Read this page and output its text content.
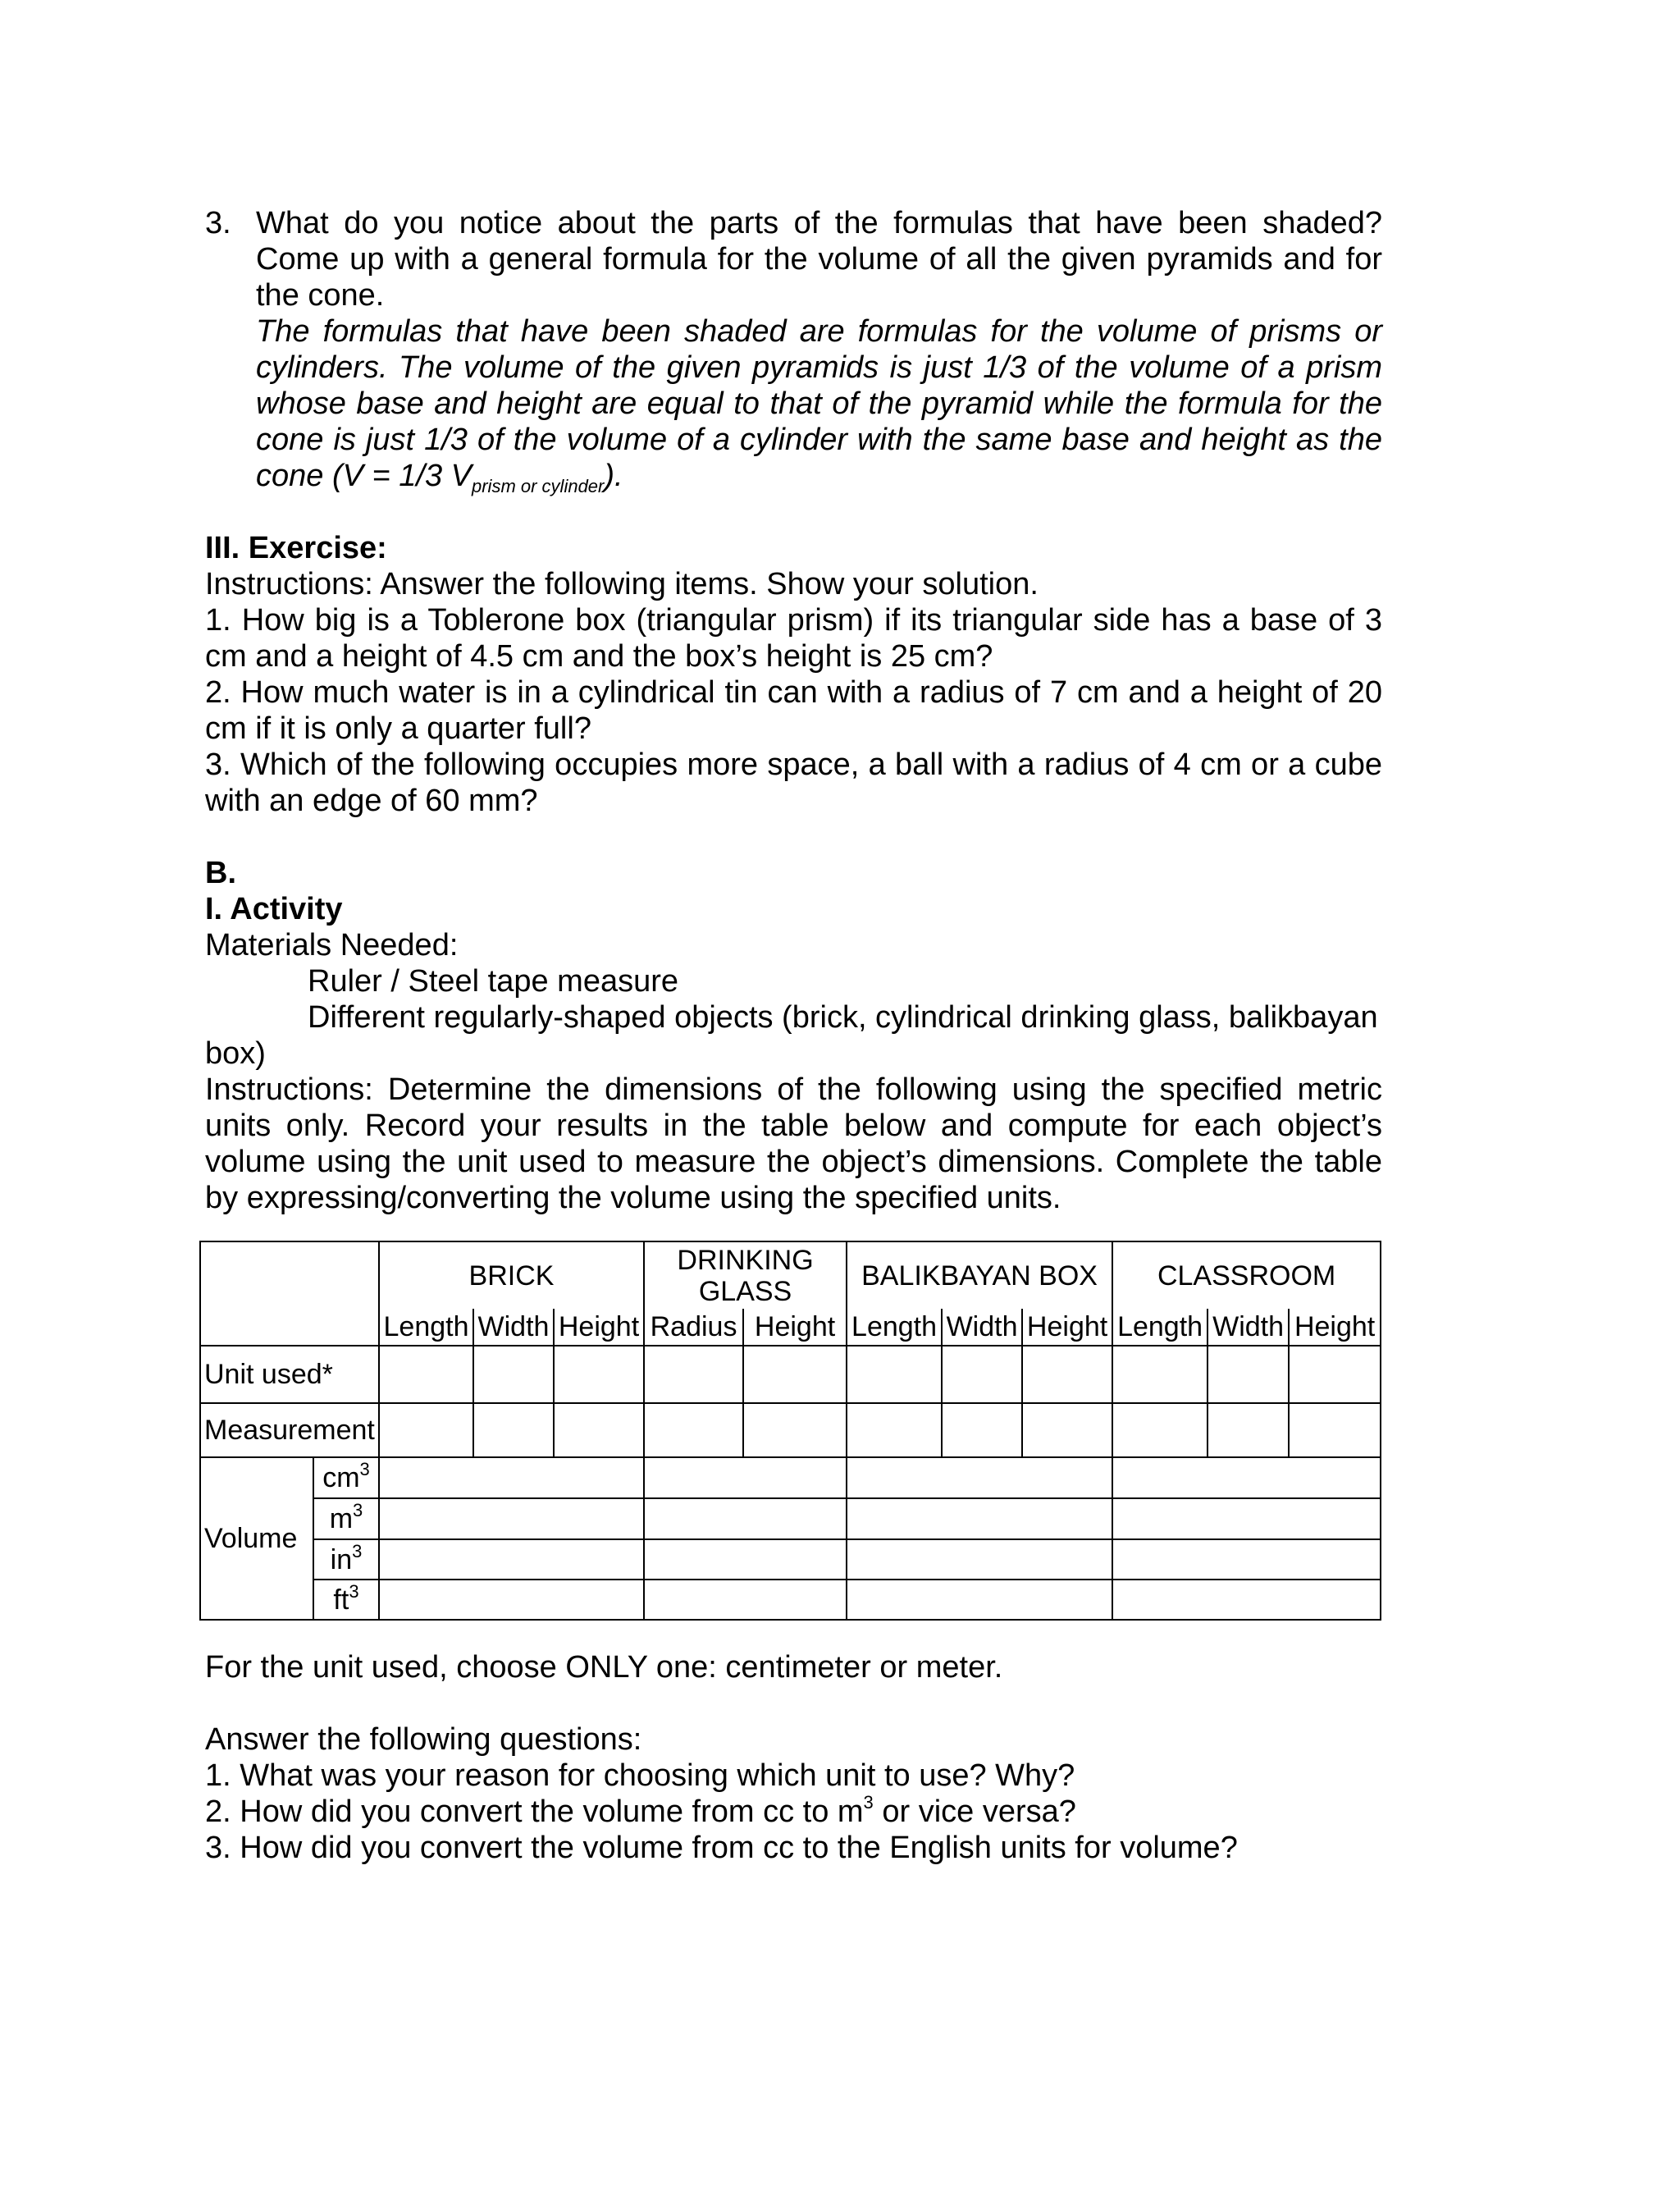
3. What do you notice about the parts of the formulas that have been shaded? Come up with a general formula for the volume of all the given pyramids and for the cone.
The formulas that have been shaded are formulas for the volume of prisms or cylinders. The volume of the given pyramids is just 1/3 of the volume of a prism whose base and height are equal to that of the pyramid while the formula for the cone is just 1/3 of the volume of a cylinder with the same base and height as the cone (V = 1/3 $V_{prism or cylinder}$).
III. Exercise:
Instructions: Answer the following items. Show your solution.
1. How big is a Toblerone box (triangular prism) if its triangular side has a base of 3 cm and a height of 4.5 cm and the box’s height is 25 cm?
2. How much water is in a cylindrical tin can with a radius of 7 cm and a height of 20 cm if it is only a quarter full?
3. Which of the following occupies more space, a ball with a radius of 4 cm or a cube with an edge of 60 mm?
B.
I. Activity
Materials Needed:
Ruler / Steel tape measure
Different regularly-shaped objects (brick, cylindrical drinking glass, balikbayan
box)
Instructions: Determine the dimensions of the following using the specified metric units only. Record your results in the table below and compute for each object’s volume using the unit used to measure the object’s dimensions. Complete the table by expressing/converting the volume using the specified units.
		BRICK			DRINKING GLASS		BALIKBAYAN BOX			CLASSROOM		
		Length	Width	Height	Radius	Height	Length	Width	Height	Length	Width	Height
Unit used*												
Measurement												
Volume	$cm^3$				
	$m^3$				
	$in^3$				
	$ft^3$				
For the unit used, choose ONLY one: centimeter or meter.
Answer the following questions:
1. What was your reason for choosing which unit to use? Why?
2. How did you convert the volume from cc to $m^3$ or vice versa?
3. How did you convert the volume from cc to the English units for volume?
